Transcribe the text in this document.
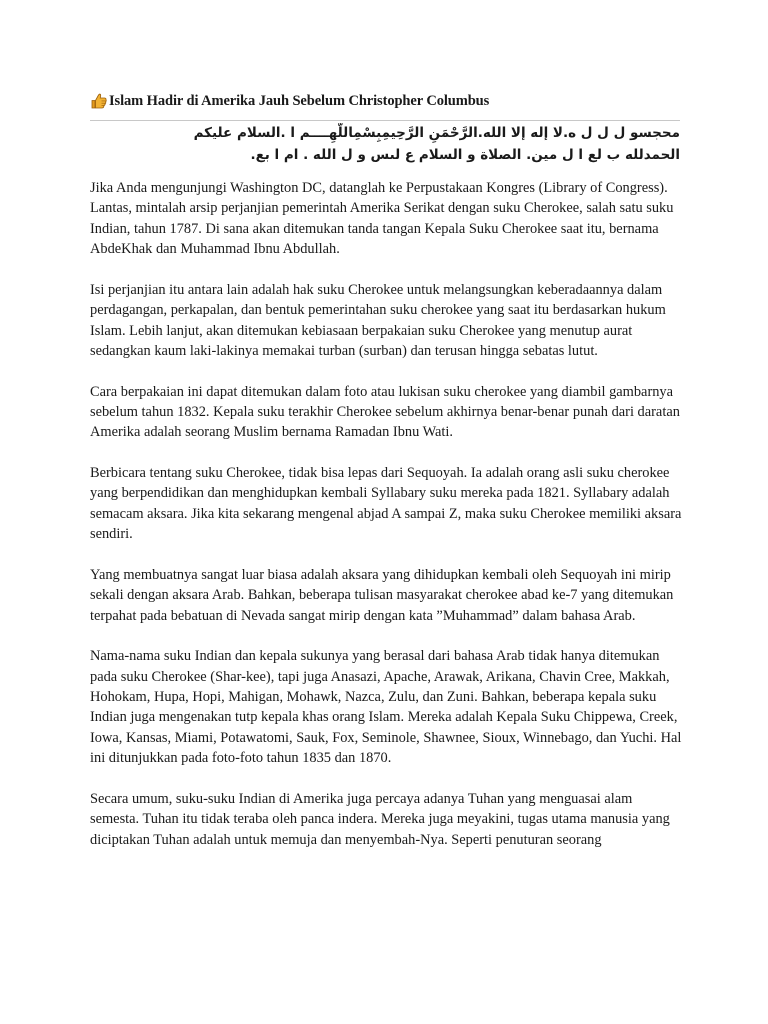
Islam Hadir di Amerika Jauh Sebelum Christopher Columbus
محجسو ل ل ل ه.لا إله إلا الله.الرَّحْمَنِ الرَّحِيمِبِسْمِاللَّهِــــم ا .السلام عليكم
الحمدلله ب لع ا ل مين. الصلاة و السلام ع لىس و ل الله . ام ا بع.

Jika Anda mengunjungi Washington DC, datanglah ke Perpustakaan Kongres (Library of Congress). Lantas, mintalah arsip perjanjian pemerintah Amerika Serikat dengan suku Cherokee, salah satu suku Indian, tahun 1787. Di sana akan ditemukan tanda tangan Kepala Suku Cherokee saat itu, bernama AbdeKhak dan Muhammad Ibnu Abdullah.

Isi perjanjian itu antara lain adalah hak suku Cherokee untuk melangsungkan keberadaannya dalam perdagangan, perkapalan, dan bentuk pemerintahan suku cherokee yang saat itu berdasarkan hukum Islam. Lebih lanjut, akan ditemukan kebiasaan berpakaian suku Cherokee yang menutup aurat sedangkan kaum laki-lakinya memakai turban (surban) dan terusan hingga sebatas lutut.

Cara berpakaian ini dapat ditemukan dalam foto atau lukisan suku cherokee yang diambil gambarnya sebelum tahun 1832. Kepala suku terakhir Cherokee sebelum akhirnya benar-benar punah dari daratan Amerika adalah seorang Muslim bernama Ramadan Ibnu Wati.

Berbicara tentang suku Cherokee, tidak bisa lepas dari Sequoyah. Ia adalah orang asli suku cherokee yang berpendidikan dan menghidupkan kembali Syllabary suku mereka pada 1821. Syllabary adalah semacam aksara. Jika kita sekarang mengenal abjad A sampai Z, maka suku Cherokee memiliki aksara sendiri.

Yang membuatnya sangat luar biasa adalah aksara yang dihidupkan kembali oleh Sequoyah ini mirip sekali dengan aksara Arab. Bahkan, beberapa tulisan masyarakat cherokee abad ke-7 yang ditemukan terpahat pada bebatuan di Nevada sangat mirip dengan kata ”Muhammad” dalam bahasa Arab.

Nama-nama suku Indian dan kepala sukunya yang berasal dari bahasa Arab tidak hanya ditemukan pada suku Cherokee (Shar-kee), tapi juga Anasazi, Apache, Arawak, Arikana, Chavin Cree, Makkah, Hohokam, Hupa, Hopi, Mahigan, Mohawk, Nazca, Zulu, dan Zuni. Bahkan, beberapa kepala suku Indian juga mengenakan tutp kepala khas orang Islam. Mereka adalah Kepala Suku Chippewa, Creek, Iowa, Kansas, Miami, Potawatomi, Sauk, Fox, Seminole, Shawnee, Sioux, Winnebago, dan Yuchi. Hal ini ditunjukkan pada foto-foto tahun 1835 dan 1870.

Secara umum, suku-suku Indian di Amerika juga percaya adanya Tuhan yang menguasai alam semesta. Tuhan itu tidak teraba oleh panca indera. Mereka juga meyakini, tugas utama manusia yang diciptakan Tuhan adalah untuk memuja dan menyembah-Nya. Seperti penuturan seorang
